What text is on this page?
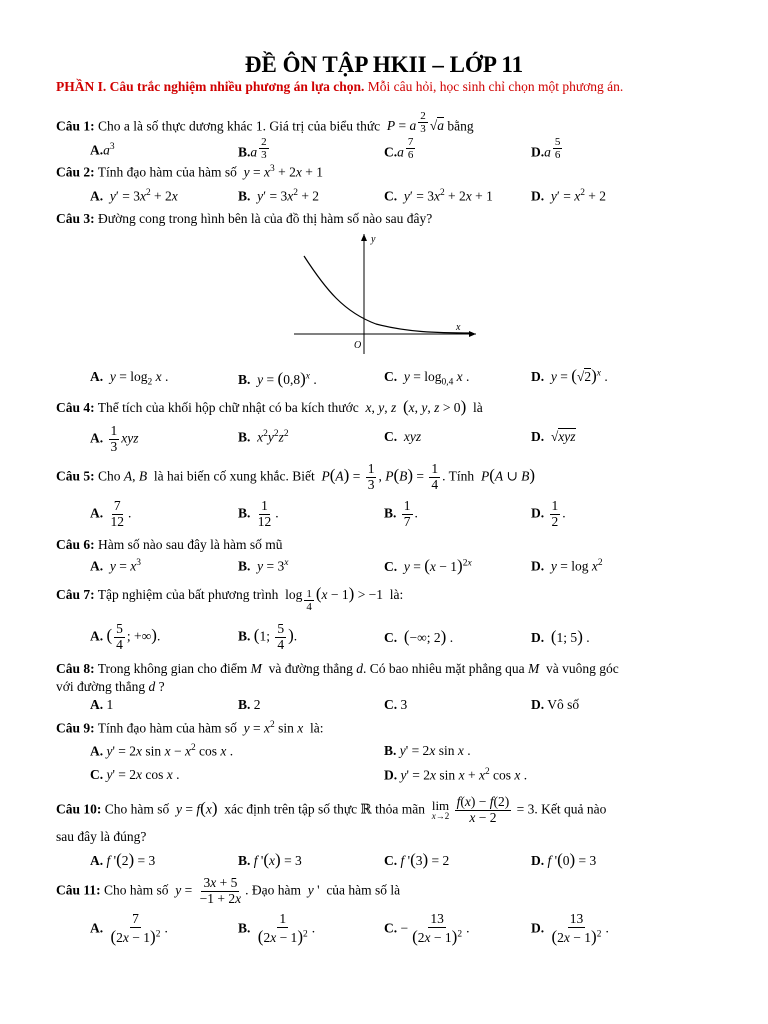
ĐỀ ÔN TẬP HKII – LỚP 11
PHẦN I. Câu trắc nghiệm nhiều phương án lựa chọn. Mỗi câu hỏi, học sinh chỉ chọn một phương án.
Câu 1: Cho a là số thực dương khác 1. Giá trị của biểu thức P = a $^{\frac{2}{3}}$ √a bằng
$A.a^3$	B.a $^{\frac{2}{3}}$	C.a $^{\frac{7}{6}}$	D.a $^{\frac{5}{6}}$
Câu 2: Tính đạo hàm của hàm số $y = x^3 + 2x + 1$
A. $y' = 3x^2 + 2x$	B. $y' = 3x^2 + 2$	C. $y' = 3x^2 + 2x + 1$	D. $y' = x^2 + 2$
Câu 3: Đường cong trong hình bên là của đồ thị hàm số nào sau đây?
y
x
O
A. $y = \log_2 x$ .	B. $y = (0,8)^x$ .	C. $y = \log_{0,4} x$ .	D. $y = (√2)^x$ .
Câu 4: Thể tích của khối hộp chữ nhật có ba kích thước x, y, z (x, y, z > 0) là
A. $\frac{1}{3}$ xyz	B. $x^2y^2z^2$	C. xyz	D.  √xyz
Câu 5: Cho A, B là hai biến cố xung khắc. Biết $P(A) = \frac{1}{3}$ , $P(B) = \frac{1}{4}$ . Tính P(A ∪ B)
A. $\frac{7}{12}$ .	B. $\frac{1}{12}$ .	B. $\frac{1}{7}$ .	D. $\frac{1}{2}$ .
Câu 6: Hàm số nào sau đây là hàm số mũ
A. $y = x^3$	B. $y = 3^x$	C. $y = (x - 1)^{2x}$	D. $y = \log x^2$
Câu 7: Tập nghiệm của bất phương trình  log $_{\frac{1}{4}}$ (x − 1) > −1  là:
A. ( $\frac{5}{4}$ ; +∞).	B. (1; $\frac{5}{4}$ ).	C. (−∞; 2) .	D. (1; 5) .
Câu 8: Trong không gian cho điểm M và đường thẳng d. Có bao nhiêu mặt phẳng qua M và vuông góc
với đường thẳng d ?
A. 1	B. 2	C. 3	D. Vô số
Câu 9: Tính đạo hàm của hàm số $y = x^2$ sin x là:
A. y' = 2x $\sin x - x^2$ cos x .	B. y' = 2x sin x .
C. y' = 2x cos x .	D. y' = 2x $\sin x + x^2$ cos x .
Câu 10: Cho hàm số y = f(x) xác định trên tập số thực ℝ thỏa mãn lim
x→2
$\frac{f(x) - f(2)}{x - 2} = 3$. Kết quả nào
sau đây là đúng?
A. f '(2) = 3	B. f '(x) = 3	C. f '(3) = 2	D. f '(0) = 3
Câu 11: Cho hàm số $y = \frac{3x + 5}{-1 + 2x}$ . Đạo hàm y '  của hàm số là
A. $\frac{7}{(2x - 1)^2}$ .	B. $\frac{1}{(2x - 1)^2}$ .	C. − $\frac{13}{(2x - 1)^2}$ .	D. $\frac{13}{(2x - 1)^2}$ .
